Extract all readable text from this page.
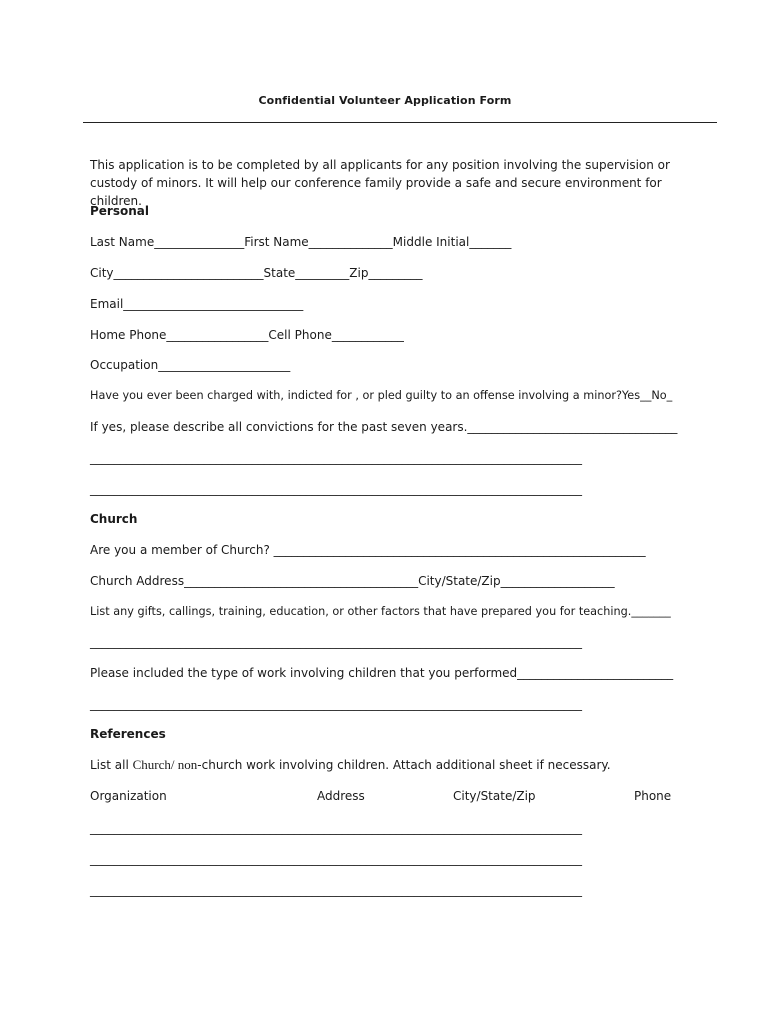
Confidential Volunteer Application Form
This application is to be completed by all applicants for any position involving the supervision or custody of minors. It will help our conference family provide a safe and secure environment for children.
Personal
Last Name_______________First Name______________Middle Initial_______
City_________________________State_________Zip_________
Email______________________________
Home Phone_________________Cell Phone____________
Occupation______________________
Have you ever been charged with, indicted for , or pled guilty to an offense involving a minor?Yes__No_
If yes, please describe all convictions for the past seven years.___________________________________
__________________________________________________________________________________
__________________________________________________________________________________
Church
Are you a member of Church? ______________________________________________________________
Church Address_______________________________________City/State/Zip___________________
List any gifts, callings, training, education, or other factors that have prepared you for teaching._______
__________________________________________________________________________________
Please included the type of work involving children that you performed__________________________
__________________________________________________________________________________
References
List all Church/ non-church work involving children. Attach additional sheet if necessary.
Organization	Address	City/State/Zip	Phone
__________________________________________________________________________________
__________________________________________________________________________________
__________________________________________________________________________________
